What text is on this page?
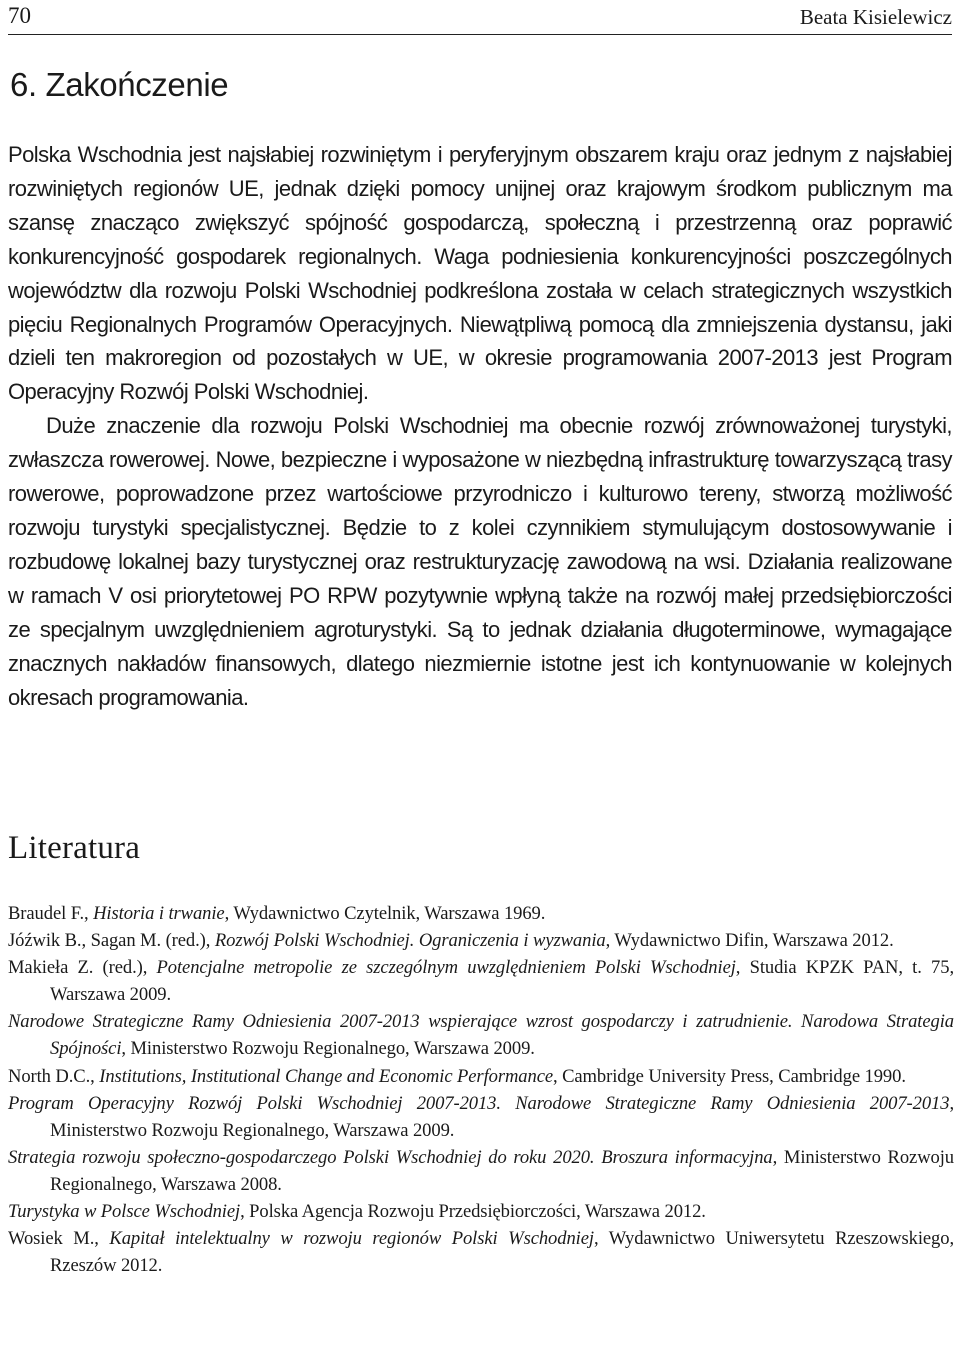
70	Beata Kisielewicz
6. Zakończenie

Polska Wschodnia jest najsłabiej rozwiniętym i peryferyjnym obszarem kraju oraz jednym z najsłabiej rozwiniętych regionów UE, jednak dzięki pomocy unijnej oraz krajowym środkom publicznym ma szansę znacząco zwiększyć spójność gospodarczą, społeczną i przestrzenną oraz poprawić konkurencyjność gospodarek regionalnych. Waga podniesienia konkurencyjności poszczególnych województw dla rozwoju Polski Wschodniej podkreślona została w celach strategicznych wszystkich pięciu Regionalnych Programów Operacyjnych. Niewątpliwą pomocą dla zmniejszenia dystansu, jaki dzieli ten makroregion od pozostałych w UE, w okresie programowania 2007-2013 jest Program Operacyjny Rozwój Polski Wschodniej.

Duże znaczenie dla rozwoju Polski Wschodniej ma obecnie rozwój zrównoważonej turystyki, zwłaszcza rowerowej. Nowe, bezpieczne i wyposażone w niezbędną infrastrukturę towarzyszącą trasy rowerowe, poprowadzone przez wartościowe przyrodniczo i kulturowo tereny, stworzą możliwość rozwoju turystyki specjalistycznej. Będzie to z kolei czynnikiem stymulującym dostosowywanie i rozbudowę lokalnej bazy turystycznej oraz restrukturyzację zawodową na wsi. Działania realizowane w ramach V osi priorytetowej PO RPW pozytywnie wpłyną także na rozwój małej przedsiębiorczości ze specjalnym uwzględnieniem agroturystyki. Są to jednak działania długoterminowe, wymagające znacznych nakładów finansowych, dlatego niezmiernie istotne jest ich kontynuowanie w kolejnych okresach programowania.

Literatura
Braudel F., Historia i trwanie, Wydawnictwo Czytelnik, Warszawa 1969.
Jóźwik B., Sagan M. (red.), Rozwój Polski Wschodniej. Ograniczenia i wyzwania, Wydawnictwo Difin, Warszawa 2012.
Makieła Z. (red.), Potencjalne metropolie ze szczególnym uwzględnieniem Polski Wschodniej, Studia KPZK PAN, t. 75, Warszawa 2009.
Narodowe Strategiczne Ramy Odniesienia 2007-2013 wspierające wzrost gospodarczy i zatrudnienie. Narodowa Strategia Spójności, Ministerstwo Rozwoju Regionalnego, Warszawa 2009.
North D.C., Institutions, Institutional Change and Economic Performance, Cambridge University Press, Cambridge 1990.
Program Operacyjny Rozwój Polski Wschodniej 2007-2013. Narodowe Strategiczne Ramy Odniesienia 2007-2013, Ministerstwo Rozwoju Regionalnego, Warszawa 2009.
Strategia rozwoju społeczno-gospodarczego Polski Wschodniej do roku 2020. Broszura informacyjna, Ministerstwo Rozwoju Regionalnego, Warszawa 2008.
Turystyka w Polsce Wschodniej, Polska Agencja Rozwoju Przedsiębiorczości, Warszawa 2012.
Wosiek M., Kapitał intelektualny w rozwoju regionów Polski Wschodniej, Wydawnictwo Uniwersytetu Rzeszowskiego, Rzeszów 2012.
